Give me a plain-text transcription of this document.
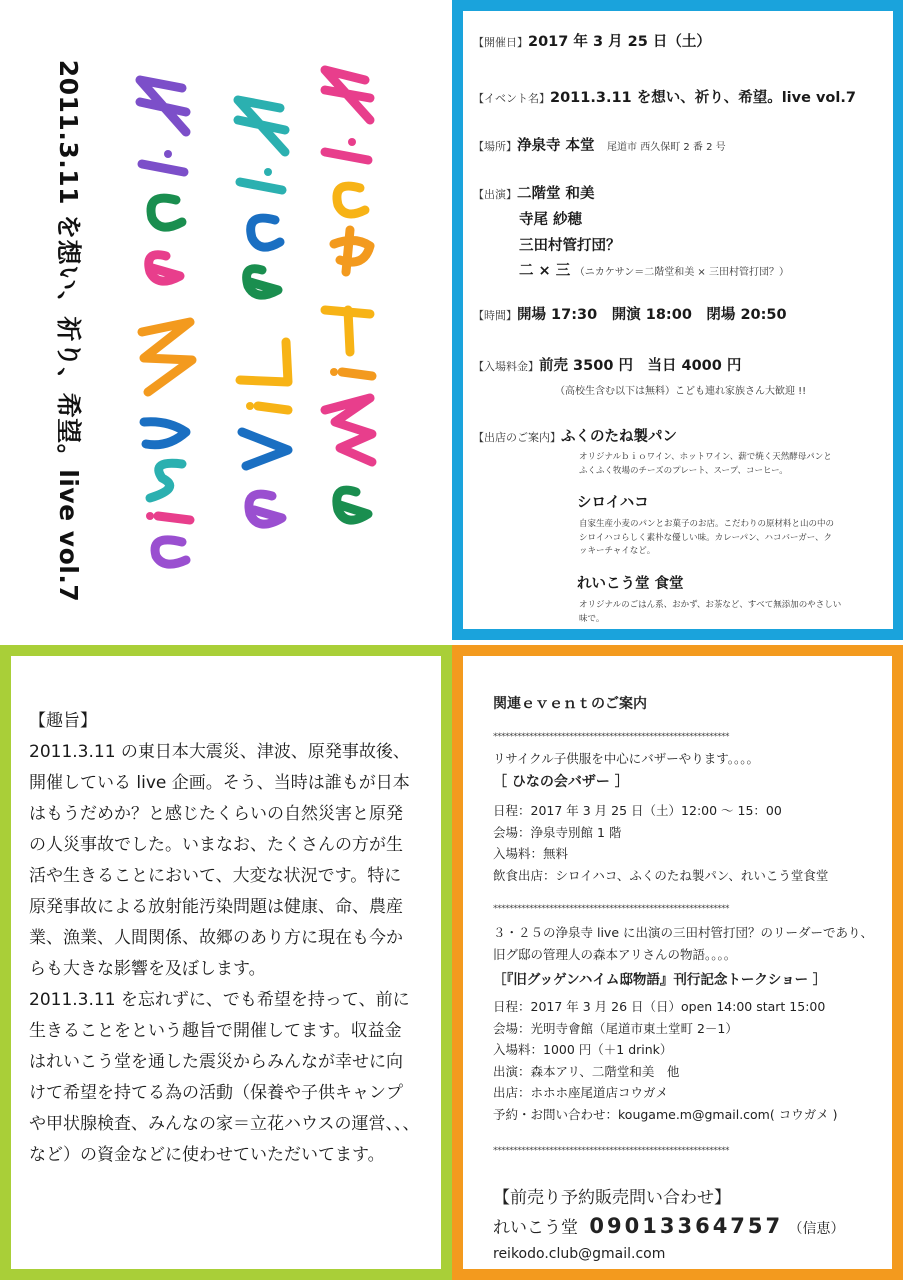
2011.3.11 を想い、祈り、希望。live vol.7
【開催日】2017 年 3 月 25 日（土）
【イベント名】2011.3.11 を想い、祈り、希望。live vol.7
【場所】浄泉寺 本堂 尾道市 西久保町 2 番 2 号
【出演】二階堂 和美
寺尾 紗穂
三田村管打団？
二 × 三 （ニカケサン＝二階堂和美 × 三田村管打団？）
【時間】開場 17:30　開演 18:00　閉場 20:50
【入場料金】前売 3500 円　当日 4000 円
（高校生含む以下は無料）こども連れ家族さん大歓迎 !!
【出店のご案内】ふくのたね製パン
オリジナルｂｉｏワイン、ホットワイン、薪で焼く天然酵母パンと
ふくふく牧場のチーズのプレート、スープ、コーヒー。
シロイハコ
自家生産小麦のパンとお菓子のお店。こだわりの原材料と山の中の
シロイハコらしく素朴な優しい味。カレーパン、ハコバーガー、ク
ッキーチャイなど。
れいこう堂 食堂
オリジナルのごはん系、おかず、お茶など、すべて無添加のやさしい
味で。

【趣旨】

2011.3.11 の東日本大震災、津波、原発事故後、

開催している live 企画。そう、当時は誰もが日本

はもうだめか？と感じたくらいの自然災害と原発

の人災事故でした。いまなお、たくさんの方が生

活や生きることにおいて、大変な状況です。特に

原発事故による放射能汚染問題は健康、命、農産

業、漁業、人間関係、故郷のあり方に現在も今か

らも大きな影響を及ぼします。

2011.3.11 を忘れずに、でも希望を持って、前に

生きることをという趣旨で開催してます。収益金

はれいこう堂を通した震災からみんなが幸せに向

けて希望を持てる為の活動（保養や子供キャンプ

や甲状腺検査、みんなの家＝立花ハウスの運営、、、

など）の資金などに使わせていただいてます。

関連ｅｖｅｎｔのご案内
***********************************************************
リサイクル子供服を中心にバザーやります。。。。
［ ひなの会バザー ］
日程：2017 年 3 月 25 日（土）12:00 〜 15：00
会場：浄泉寺別館 1 階
入場料：無料
飲食出店：シロイハコ、ふくのたね製パン、れいこう堂食堂
***********************************************************
３・２５の浄泉寺 live に出演の三田村管打団？のリーダーであり、
旧グ邸の管理人の森本アリさんの物語。。。。
［『旧グッゲンハイム邸物語』刊行記念トークショー ］
日程：2017 年 3 月 26 日（日）open 14:00 start 15:00
会場：光明寺會館（尾道市東土堂町 2－1）
入場料：1000 円（＋1 drink）
出演：森本アリ、二階堂和美　他
出店：ホホホ座尾道店コウガメ
予約・お問い合わせ：kougame.m@gmail.com( コウガメ )
***********************************************************
【前売り予約販売問い合わせ】
れいこう堂 09013364757 （信恵）
reikodo.club@gmail.com
